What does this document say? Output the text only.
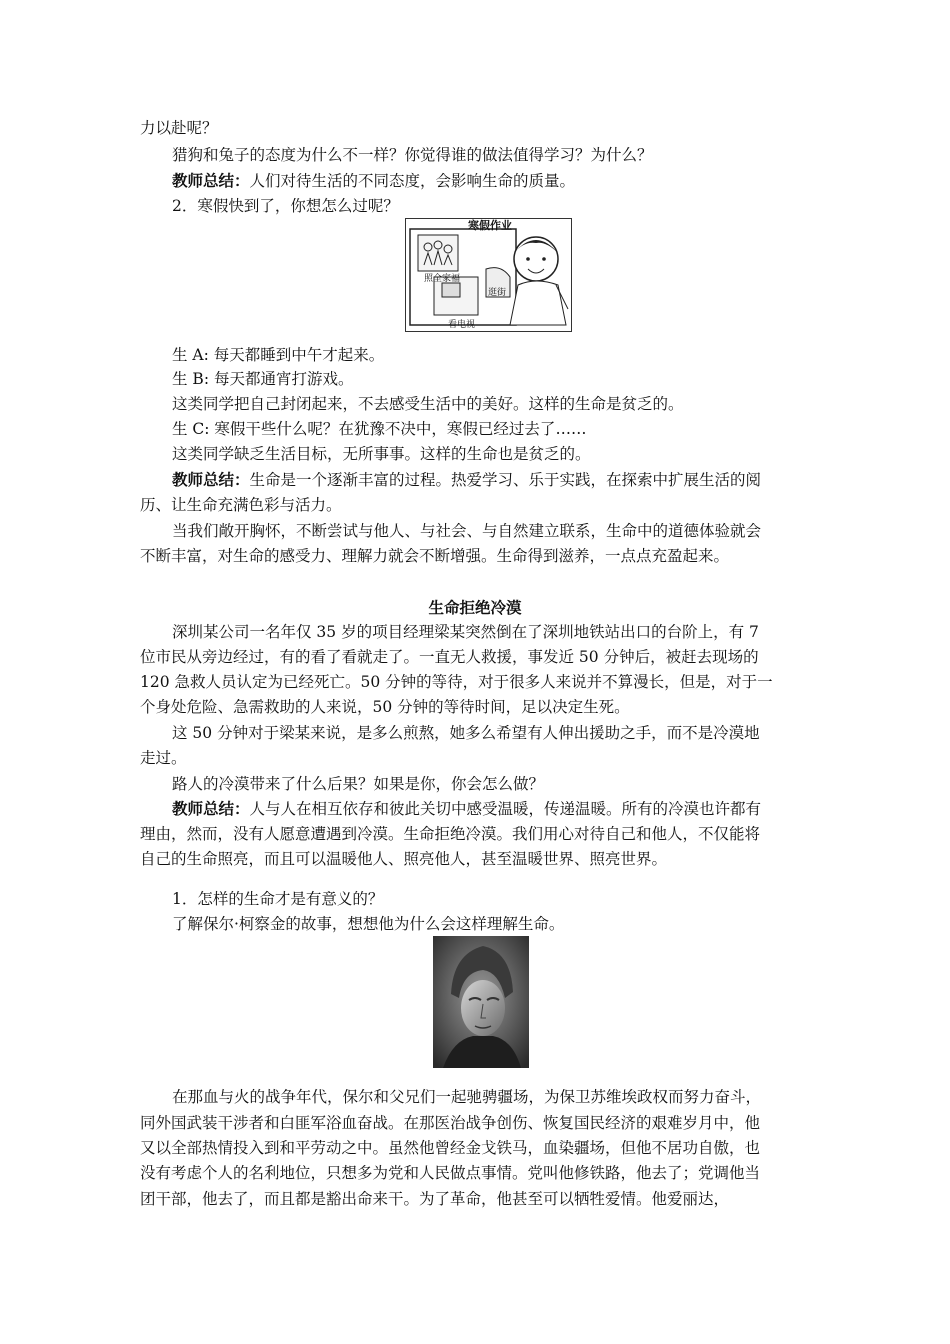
力以赴呢？
猎狗和兔子的态度为什么不一样？你觉得谁的做法值得学习？为什么？
教师总结：人们对待生活的不同态度，会影响生命的质量。
2．寒假快到了，你想怎么过呢？
寒假作业
照全家福
逛街
看电视
生 A: 每天都睡到中午才起来。
生 B: 每天都通宵打游戏。
这类同学把自己封闭起来，不去感受生活中的美好。这样的生命是贫乏的。
生 C: 寒假干些什么呢？在犹豫不决中，寒假已经过去了……
这类同学缺乏生活目标，无所事事。这样的生命也是贫乏的。
教师总结：生命是一个逐渐丰富的过程。热爱学习、乐于实践，在探索中扩展生活的阅
历、让生命充满色彩与活力。
当我们敞开胸怀，不断尝试与他人、与社会、与自然建立联系，生命中的道德体验就会
不断丰富，对生命的感受力、理解力就会不断增强。生命得到滋养，一点点充盈起来。
生命拒绝冷漠
深圳某公司一名年仅 35 岁的项目经理梁某突然倒在了深圳地铁站出口的台阶上，有 7
位市民从旁边经过，有的看了看就走了。一直无人救援，事发近 50 分钟后，被赶去现场的
120 急救人员认定为已经死亡。50 分钟的等待，对于很多人来说并不算漫长，但是，对于一
个身处危险、急需救助的人来说，50 分钟的等待时间，足以决定生死。
这 50 分钟对于梁某来说，是多么煎熬，她多么希望有人伸出援助之手，而不是冷漠地
走过。
路人的冷漠带来了什么后果？如果是你，你会怎么做？
教师总结：人与人在相互依存和彼此关切中感受温暖，传递温暖。所有的冷漠也许都有
理由，然而，没有人愿意遭遇到冷漠。生命拒绝冷漠。我们用心对待自己和他人，不仅能将
自己的生命照亮，而且可以温暖他人、照亮他人，甚至温暖世界、照亮世界。
1．怎样的生命才是有意义的？
了解保尔·柯察金的故事，想想他为什么会这样理解生命。
在那血与火的战争年代，保尔和父兄们一起驰骋疆场，为保卫苏维埃政权而努力奋斗，
同外国武装干涉者和白匪军浴血奋战。在那医治战争创伤、恢复国民经济的艰难岁月中，他
又以全部热情投入到和平劳动之中。虽然他曾经金戈铁马，血染疆场，但他不居功自傲，也
没有考虑个人的名利地位，只想多为党和人民做点事情。党叫他修铁路，他去了；党调他当
团干部，他去了，而且都是豁出命来干。为了革命，他甚至可以牺牲爱情。他爱丽达，
